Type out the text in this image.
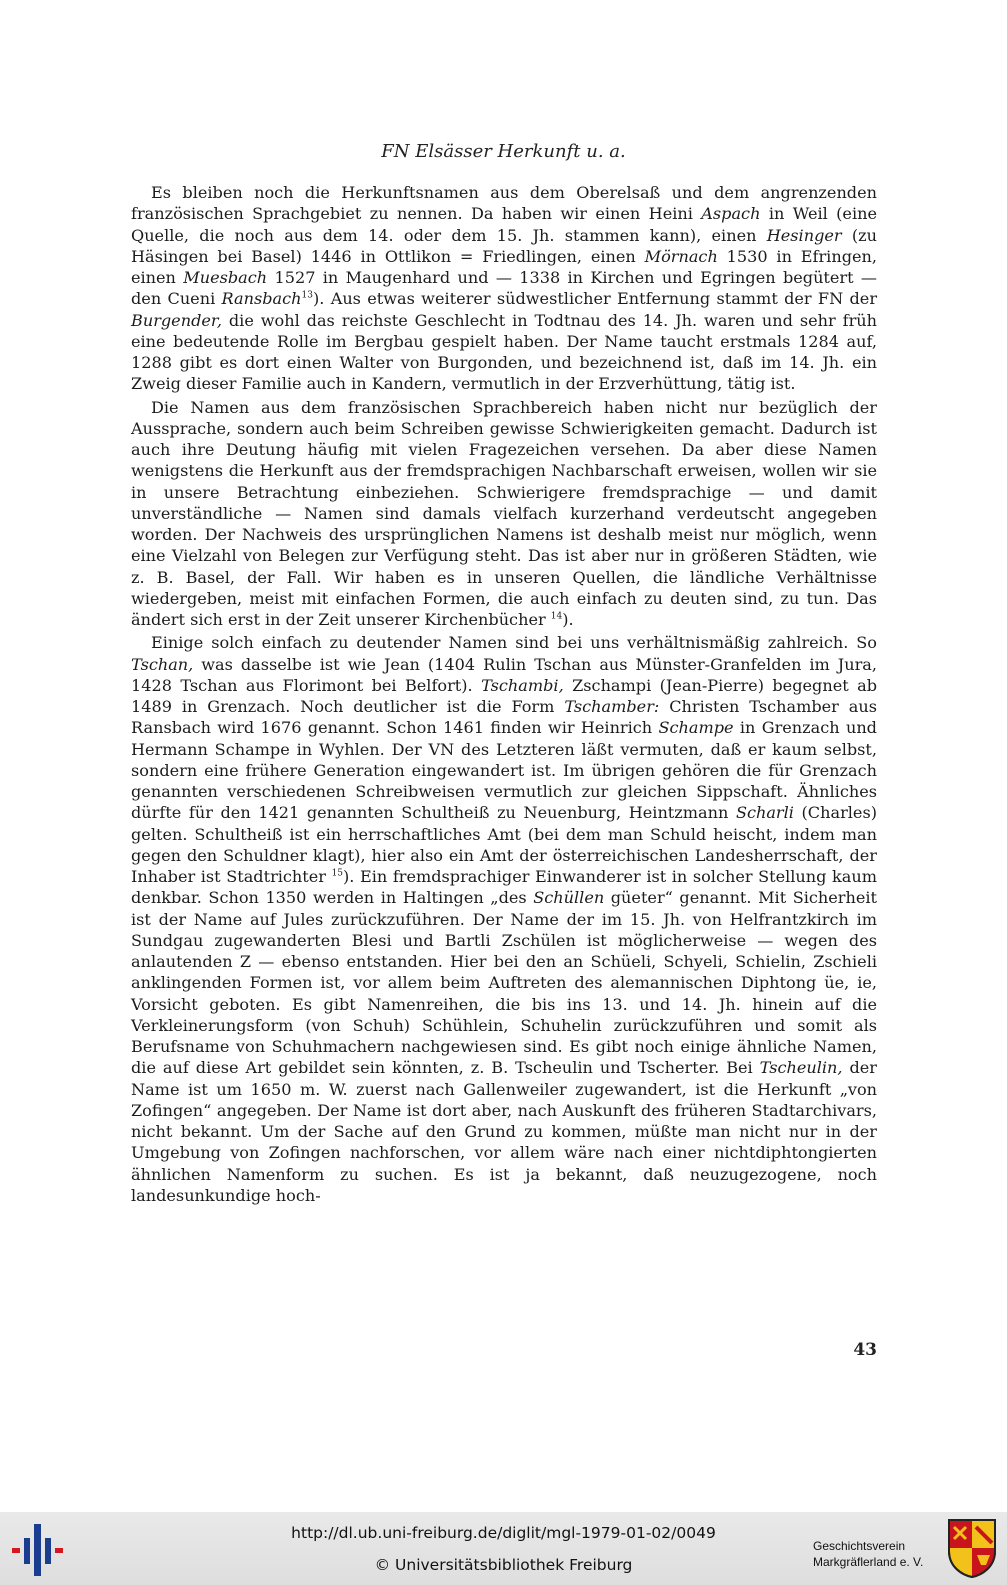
FN Elsässer Herkunft u. a.

Es bleiben noch die Herkunftsnamen aus dem Oberelsaß und dem angrenzenden französischen Sprachgebiet zu nennen. Da haben wir einen Heini Aspach in Weil (eine Quelle, die noch aus dem 14. oder dem 15. Jh. stammen kann), einen Hesinger (zu Häsingen bei Basel) 1446 in Ottlikon = Friedlingen, einen Mörnach 1530 in Efringen, einen Muesbach 1527 in Maugenhard und — 1338 in Kirchen und Egringen begütert — den Cueni Ransbach$^{13}$). Aus etwas weiterer südwestlicher Entfernung stammt der FN der Burgender, die wohl das reichste Geschlecht in Todtnau des 14. Jh. waren und sehr früh eine bedeutende Rolle im Bergbau gespielt haben. Der Name taucht erstmals 1284 auf, 1288 gibt es dort einen Walter von Burgonden, und bezeichnend ist, daß im 14. Jh. ein Zweig dieser Familie auch in Kandern, vermutlich in der Erzverhüttung, tätig ist.

Die Namen aus dem französischen Sprachbereich haben nicht nur bezüglich der Aussprache, sondern auch beim Schreiben gewisse Schwierigkeiten gemacht. Dadurch ist auch ihre Deutung häufig mit vielen Fragezeichen versehen. Da aber diese Namen wenigstens die Herkunft aus der fremdsprachigen Nachbarschaft erweisen, wollen wir sie in unsere Betrachtung einbeziehen. Schwierigere fremdsprachige — und damit unverständliche — Namen sind damals vielfach kurzerhand verdeutscht angegeben worden. Der Nachweis des ursprünglichen Namens ist deshalb meist nur möglich, wenn eine Vielzahl von Belegen zur Verfügung steht. Das ist aber nur in größeren Städten, wie z. B. Basel, der Fall. Wir haben es in unseren Quellen, die ländliche Verhältnisse wiedergeben, meist mit einfachen Formen, die auch einfach zu deuten sind, zu tun. Das ändert sich erst in der Zeit unserer Kirchenbücher $^{14}$).

Einige solch einfach zu deutender Namen sind bei uns verhältnismäßig zahlreich. So Tschan, was dasselbe ist wie Jean (1404 Rulin Tschan aus Münster-Granfelden im Jura, 1428 Tschan aus Florimont bei Belfort). Tschambi, Zschampi (Jean-Pierre) begegnet ab 1489 in Grenzach. Noch deutlicher ist die Form Tschamber: Christen Tschamber aus Ransbach wird 1676 genannt. Schon 1461 finden wir Heinrich Schampe in Grenzach und Hermann Schampe in Wyhlen. Der VN des Letzteren läßt vermuten, daß er kaum selbst, sondern eine frühere Generation eingewandert ist. Im übrigen gehören die für Grenzach genannten verschiedenen Schreibweisen vermutlich zur gleichen Sippschaft. Ähnliches dürfte für den 1421 genannten Schultheiß zu Neuenburg, Heintzmann Scharli (Charles) gelten. Schultheiß ist ein herrschaftliches Amt (bei dem man Schuld heischt, indem man gegen den Schuldner klagt), hier also ein Amt der österreichischen Landesherrschaft, der Inhaber ist Stadtrichter $^{15}$). Ein fremdsprachiger Einwanderer ist in solcher Stellung kaum denkbar. Schon 1350 werden in Haltingen „des Schüllen güeter“ genannt. Mit Sicherheit ist der Name auf Jules zurückzuführen. Der Name der im 15. Jh. von Helfrantzkirch im Sundgau zugewanderten Blesi und Bartli Zschülen ist möglicherweise — wegen des anlautenden Z — ebenso entstanden. Hier bei den an Schüeli, Schyeli, Schielin, Zschieli anklingenden Formen ist, vor allem beim Auftreten des alemannischen Diphtong üe, ie, Vorsicht geboten. Es gibt Namenreihen, die bis ins 13. und 14. Jh. hinein auf die Verkleinerungsform (von Schuh) Schühlein, Schuhelin zurückzuführen und somit als Berufsname von Schuhmachern nachgewiesen sind. Es gibt noch einige ähnliche Namen, die auf diese Art gebildet sein könnten, z. B. Tscheulin und Tscherter. Bei Tscheulin, der Name ist um 1650 m. W. zuerst nach Gallenweiler zugewandert, ist die Herkunft „von Zofingen“ angegeben. Der Name ist dort aber, nach Auskunft des früheren Stadtarchivars, nicht bekannt. Um der Sache auf den Grund zu kommen, müßte man nicht nur in der Umgebung von Zofingen nachforschen, vor allem wäre nach einer nichtdiphtongierten ähnlichen Namenform zu suchen. Es ist ja bekannt, daß neuzugezogene, noch landesunkundige hoch-

43
http://dl.ub.uni-freiburg.de/diglit/mgl-1979-01-02/0049
© Universitätsbibliothek Freiburg
Geschichtsverein
Markgräflerland e. V.
